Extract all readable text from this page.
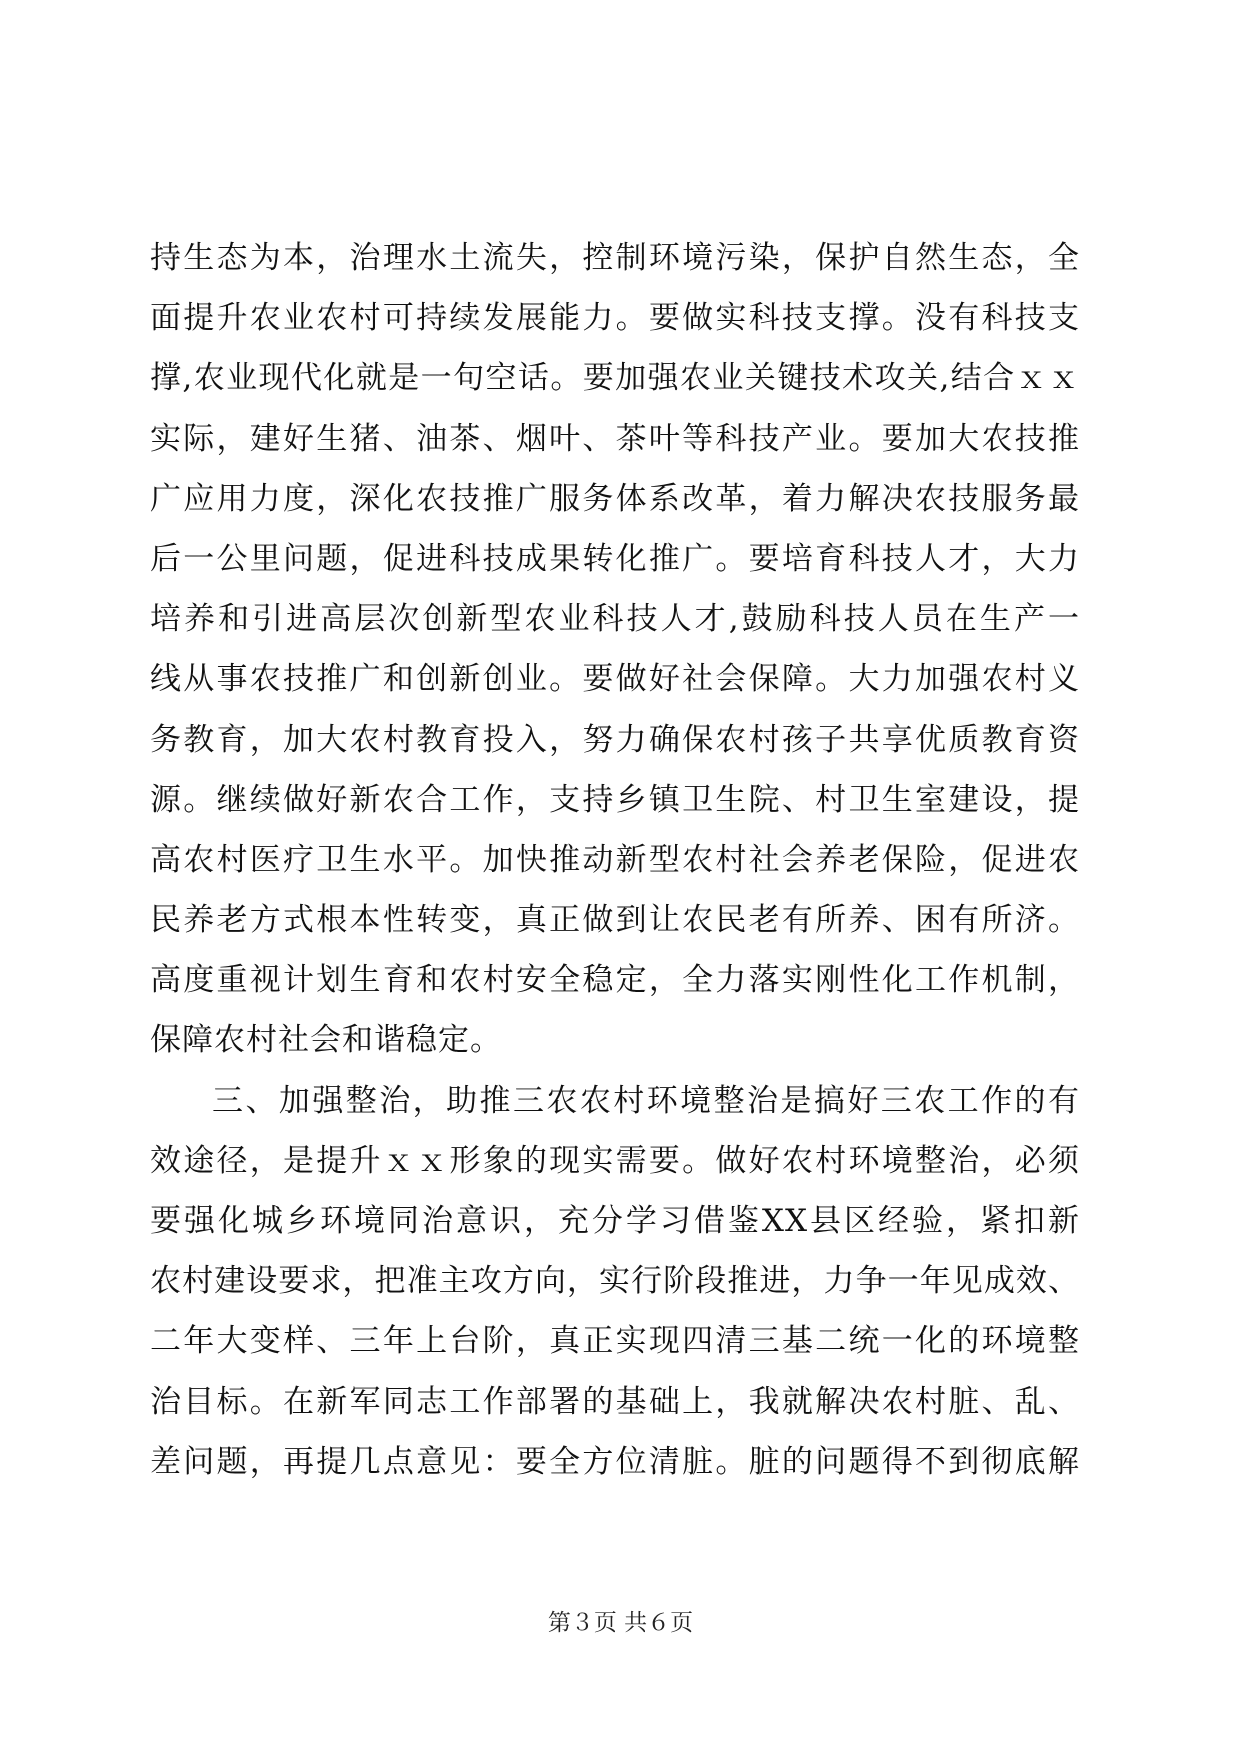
持生态为本，治理水土流失，控制环境污染，保护自然生态，全
面提升农业农村可持续发展能力。要做实科技支撑。没有科技支
撑,农业现代化就是一句空话。要加强农业关键技术攻关,结合ｘｘ
实际，建好生猪、油茶、烟叶、茶叶等科技产业。要加大农技推
广应用力度，深化农技推广服务体系改革，着力解决农技服务最
后一公里问题，促进科技成果转化推广。要培育科技人才，大力
培养和引进高层次创新型农业科技人才,鼓励科技人员在生产一
线从事农技推广和创新创业。要做好社会保障。大力加强农村义
务教育，加大农村教育投入，努力确保农村孩子共享优质教育资
源。继续做好新农合工作，支持乡镇卫生院、村卫生室建设，提
高农村医疗卫生水平。加快推动新型农村社会养老保险，促进农
民养老方式根本性转变，真正做到让农民老有所养、困有所济。
高度重视计划生育和农村安全稳定，全力落实刚性化工作机制，
保障农村社会和谐稳定。
三、加强整治，助推三农农村环境整治是搞好三农工作的有
效途径，是提升ｘｘ形象的现实需要。做好农村环境整治，必须
要强化城乡环境同治意识，充分学习借鉴XX县区经验，紧扣新
农村建设要求，把准主攻方向，实行阶段推进，力争一年见成效、
二年大变样、三年上台阶，真正实现四清三基二统一化的环境整
治目标。在新军同志工作部署的基础上，我就解决农村脏、乱、
差问题，再提几点意见：要全方位清脏。脏的问题得不到彻底解
第３页 共６页
